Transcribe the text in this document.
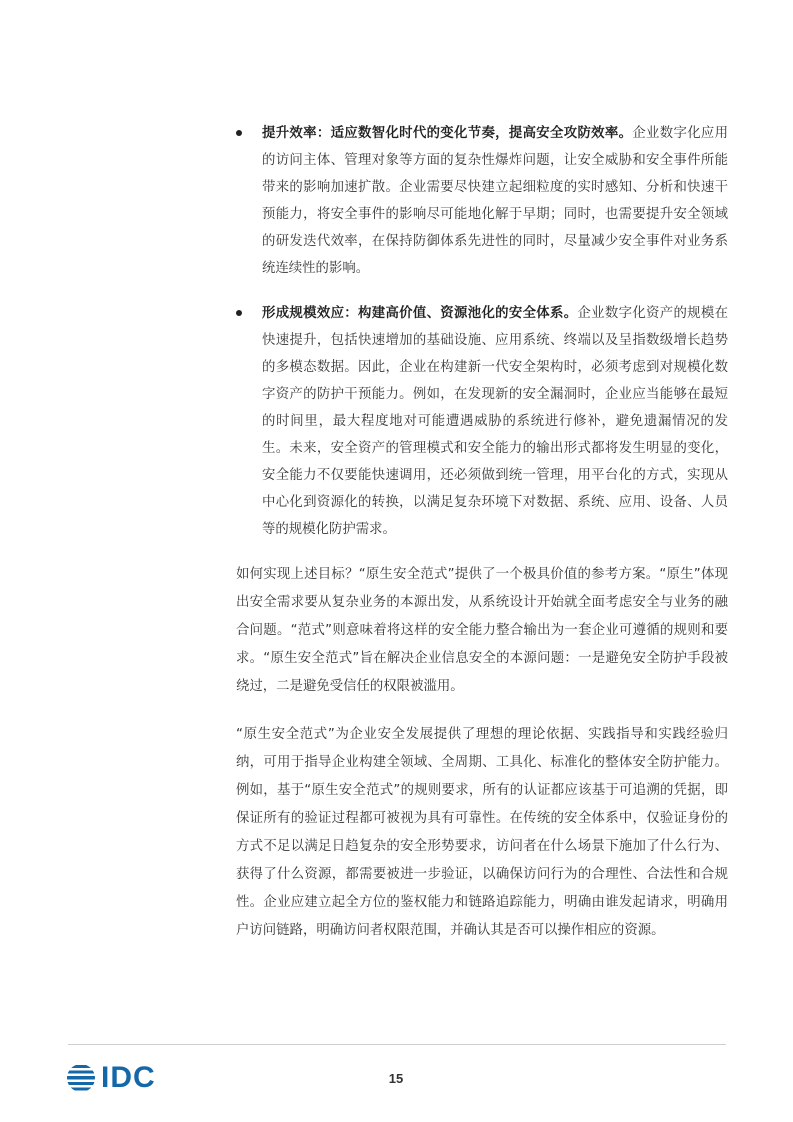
提升效率：适应数智化时代的变化节奏，提高安全攻防效率。企业数字化应用的访问主体、管理对象等方面的复杂性爆炸问题，让安全威胁和安全事件所能带来的影响加速扩散。企业需要尽快建立起细粒度的实时感知、分析和快速干预能力，将安全事件的影响尽可能地化解于早期；同时，也需要提升安全领域的研发迭代效率，在保持防御体系先进性的同时，尽量减少安全事件对业务系统连续性的影响。
形成规模效应：构建高价值、资源池化的安全体系。企业数字化资产的规模在快速提升，包括快速增加的基础设施、应用系统、终端以及呈指数级增长趋势的多模态数据。因此，企业在构建新一代安全架构时，必须考虑到对规模化数字资产的防护干预能力。例如，在发现新的安全漏洞时，企业应当能够在最短的时间里，最大程度地对可能遭遇威胁的系统进行修补，避免遗漏情况的发生。未来，安全资产的管理模式和安全能力的输出形式都将发生明显的变化，安全能力不仅要能快速调用，还必须做到统一管理，用平台化的方式，实现从中心化到资源化的转换，以满足复杂环境下对数据、系统、应用、设备、人员等的规模化防护需求。

如何实现上述目标？“原生安全范式”提供了一个极具价值的参考方案。“原生”体现出安全需求要从复杂业务的本源出发，从系统设计开始就全面考虑安全与业务的融合问题。“范式”则意味着将这样的安全能力整合输出为一套企业可遵循的规则和要求。“原生安全范式”旨在解决企业信息安全的本源问题：一是避免安全防护手段被绕过，二是避免受信任的权限被滥用。

“原生安全范式”为企业安全发展提供了理想的理论依据、实践指导和实践经验归纳，可用于指导企业构建全领域、全周期、工具化、标准化的整体安全防护能力。例如，基于“原生安全范式”的规则要求，所有的认证都应该基于可追溯的凭据，即保证所有的验证过程都可被视为具有可靠性。在传统的安全体系中，仅验证身份的方式不足以满足日趋复杂的安全形势要求，访问者在什么场景下施加了什么行为、获得了什么资源，都需要被进一步验证，以确保访问行为的合理性、合法性和合规性。企业应建立起全方位的鉴权能力和链路追踪能力，明确由谁发起请求，明确用户访问链路，明确访问者权限范围，并确认其是否可以操作相应的资源。

IDC	15
